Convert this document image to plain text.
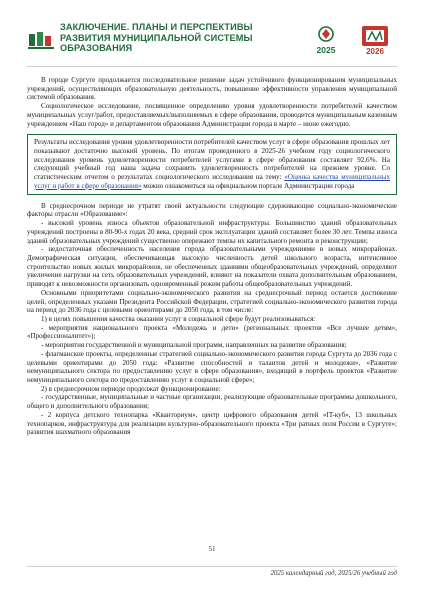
ЗАКЛЮЧЕНИЕ. ПЛАНЫ И ПЕРСПЕКТИВЫ
РАЗВИТИЯ МУНИЦИПАЛЬНОЙ СИСТЕМЫ
ОБРАЗОВАНИЯ	2025	2026

В городе Сургуте продолжается последовательное решение задач устойчивого функционирования муниципальных учреждений, осуществляющих образовательную деятельность, повышение эффективности управления муниципальной системой образования.

Социологическое исследование, посвященное определению уровня удовлетворенности потребителей качеством муниципальных услуг/работ, предоставляемых/выполняемых в сфере образования, проводится муниципальным казенным учреждением «Наш город» и департаментом образования Администрации города в марте – июне ежегодно.

Результаты исследования уровня удовлетворенности потребителей качеством услуг в сфере образования прошлых лет показывают достаточно высокий уровень. По итогам проведенного в 2025-26 учебном году социологического исследования уровень удовлетворенности потребителей услугами в сфере образования составляет 92,6%. На следующий учебный год наша задача сохранить удовлетворенность потребителей на прежнем уровне. Со статистическим отчетом о результатах социологического исследования на тему: «Оценка качества муниципальных услуг и работ в сфере образования» можно ознакомиться на официальном портале Администрации города

В среднесрочном периоде не утратят своей актуальности следующие сдерживающие социально-экономические факторы отрасли «Образование»:

- высокий уровень износа объектов образовательной инфраструктуры. Большинство зданий образовательных учреждений построены в 80-90-х годах 20 века, средний срок эксплуатации зданий составляет более 30 лет. Темпы износа зданий образовательных учреждений существенно опережают темпы их капитального ремонта и реконструкции;

- недостаточная обеспеченность населения города образовательными учреждениями в новых микрорайонах. Демографическая ситуация, обеспечивающая высокую численность детей школьного возраста, интенсивное строительство новых жилых микрорайонов, не обеспеченных зданиями общеобразовательных учреждений, определяют увеличение нагрузки на сеть образовательных учреждений, влияют на показатели охвата дополнительным образованием, приводят к невозможности организовать одновременный режим работы общеобразовательных учреждений.

Основными приоритетами социально-экономического развития на среднесрочный период остается достижение целей, определенных указами Президента Российской Федерации, стратегией социально-экономического развития города на период до 2036 года с целевыми ориентирами до 2050 года, в том числе:

1) в целях повышения качества оказания услуг в социальной сфере будут реализовываться:

- мероприятия национального проекта «Молодежь и дети» (региональных проектов «Все лучшее детям», «Профессионалитет»);

- мероприятия государственной и муниципальной программ, направленных на развитие образования;

- флагманские проекты, определенные стратегией социально-экономического развития города Сургута до 2036 года с целевыми ориентирами до 2050 года: «Развитие способностей и талантов детей и молодежи», «Развитие немуниципального сектора по предоставлению услуг в сфере образования», входящий в портфель проектов «Развитие немуниципального сектора по предоставлению услуг в социальной сфере»;

2) в среднесрочном периоде продолжат функционирование:

- государственные, муниципальные и частные организации, реализующие образовательные программы дошкольного, общего и дополнительного образования;

- 2 корпуса детского технопарка «Кванториум», центр цифрового образования детей «IT-куб», 13 школьных технопарков, инфраструктура для реализации культурно-образовательного проекта «Три ратных поля России в Сургуте»; развития шахматного образования

51
2025 календарный год, 2025/26 учебный год
